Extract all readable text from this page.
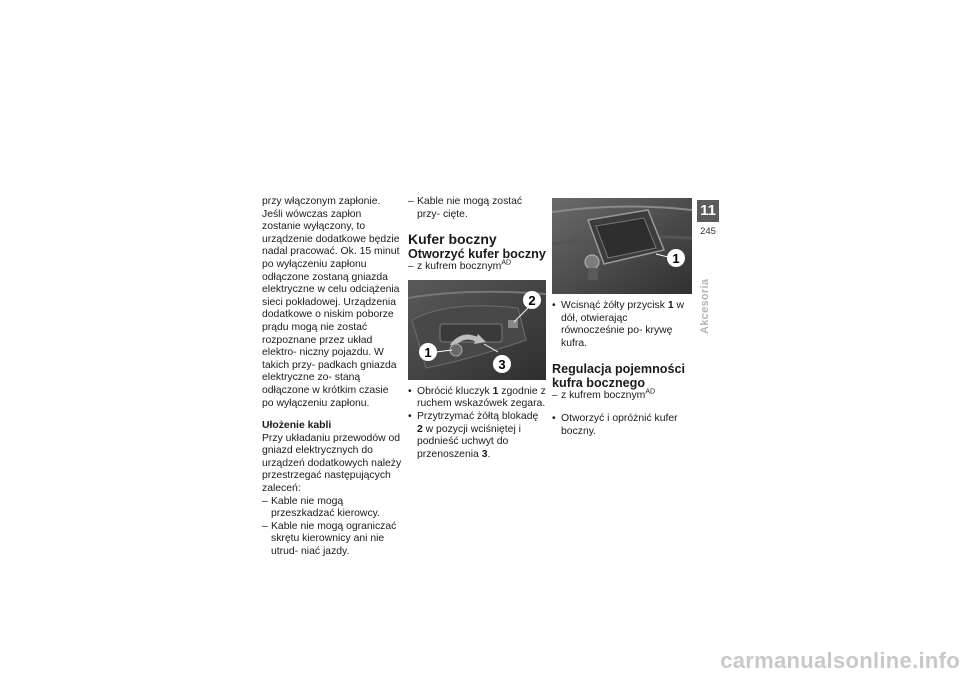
przy włączonym zapłonie.

Jeśli wówczas zapłon zostanie wyłączony, to urządzenie dodatkowe będzie nadal pracować. Ok. 15 minut po wyłączeniu zapłonu odłączone zostaną gniazda elektryczne w celu odciążenia sieci pokładowej. Urządzenia dodatkowe o niskim poborze prądu mogą nie zostać rozpoznane przez układ elektro- niczny pojazdu. W takich przy- padkach gniazda elektryczne zo- staną odłączone w krótkim czasie po wyłączeniu zapłonu.

Ułożenie kabli

Przy układaniu przewodów od gniazd elektrycznych do urządzeń dodatkowych należy przestrzegać następujących zaleceń:

– Kable nie mogą przeszkadzać kierowcy.

– Kable nie mogą ograniczać skrętu kierownicy ani nie utrud- niać jazdy.

– Kable nie mogą zostać przy- cięte.

Kufer boczny

Otworzyć kufer boczny

– z kufrem bocznym$^{AD}$

2
1
3

• Obrócić kluczyk 1 zgodnie z ruchem wskazówek zegara.

• Przytrzymać żółtą blokadę 2 w pozycji wciśniętej i podnieść uchwyt do przenoszenia 3.

1

• Wcisnąć żółty przycisk 1 w dół, otwierając równocześnie po- krywę kufra.

Regulacja pojemności kufra bocznego

– z kufrem bocznym$^{AD}$

• Otworzyć i opróżnić kufer boczny.

11
245
Akcesoria
carmanualsonline.info
